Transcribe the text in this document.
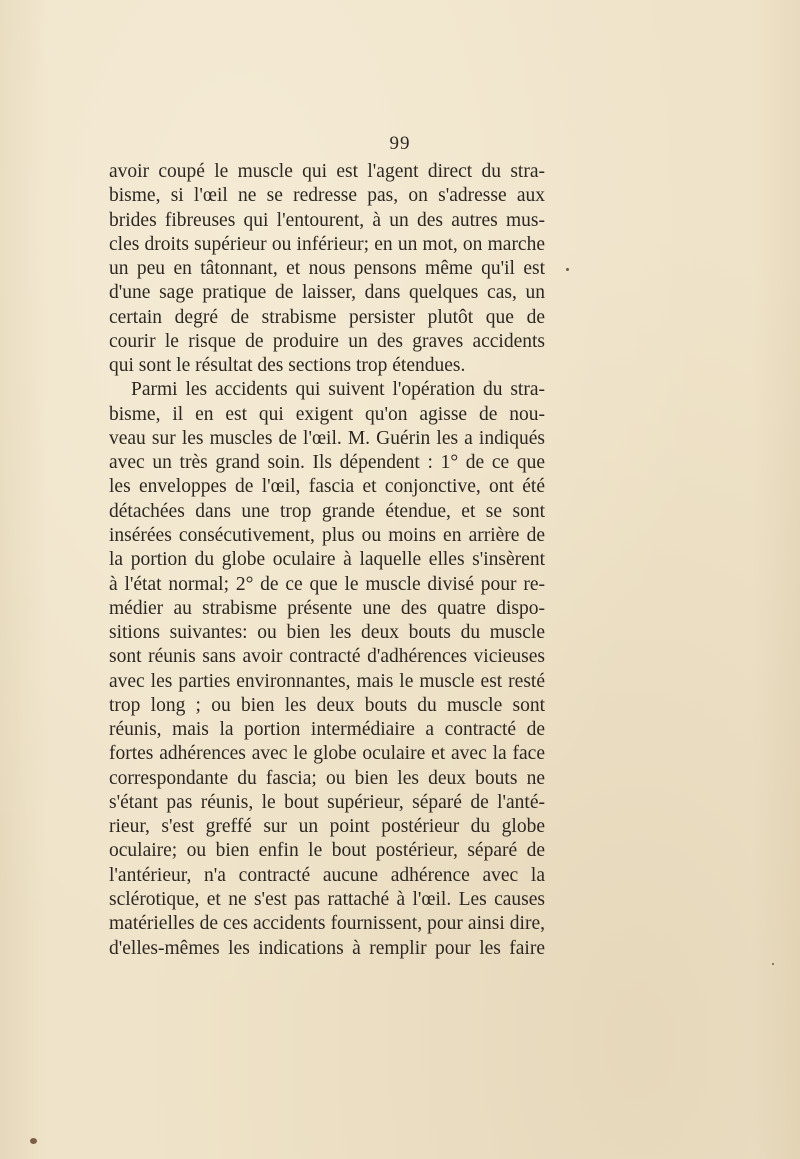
99
avoir coupé le muscle qui est l'agent direct du stra-
bisme, si l'œil ne se redresse pas, on s'adresse aux
brides fibreuses qui l'entourent, à un des autres mus-
cles droits supérieur ou inférieur; en un mot, on marche
un peu en tâtonnant, et nous pensons même qu'il est
d'une sage pratique de laisser, dans quelques cas, un
certain degré de strabisme persister plutôt que de
courir le risque de produire un des graves accidents
qui sont le résultat des sections trop étendues.
Parmi les accidents qui suivent l'opération du stra-
bisme, il en est qui exigent qu'on agisse de nou-
veau sur les muscles de l'œil. M. Guérin les a indiqués
avec un très grand soin. Ils dépendent : 1° de ce que
les enveloppes de l'œil, fascia et conjonctive, ont été
détachées dans une trop grande étendue, et se sont
insérées consécutivement, plus ou moins en arrière de
la portion du globe oculaire à laquelle elles s'insèrent
à l'état normal; 2° de ce que le muscle divisé pour re-
médier au strabisme présente une des quatre dispo-
sitions suivantes: ou bien les deux bouts du muscle
sont réunis sans avoir contracté d'adhérences vicieuses
avec les parties environnantes, mais le muscle est resté
trop long ; ou bien les deux bouts du muscle sont
réunis, mais la portion intermédiaire a contracté de
fortes adhérences avec le globe oculaire et avec la face
correspondante du fascia; ou bien les deux bouts ne
s'étant pas réunis, le bout supérieur, séparé de l'anté-
rieur, s'est greffé sur un point postérieur du globe
oculaire; ou bien enfin le bout postérieur, séparé de
l'antérieur, n'a contracté aucune adhérence avec la
sclérotique, et ne s'est pas rattaché à l'œil. Les causes
matérielles de ces accidents fournissent, pour ainsi dire,
d'elles-mêmes les indications à remplir pour les faire
